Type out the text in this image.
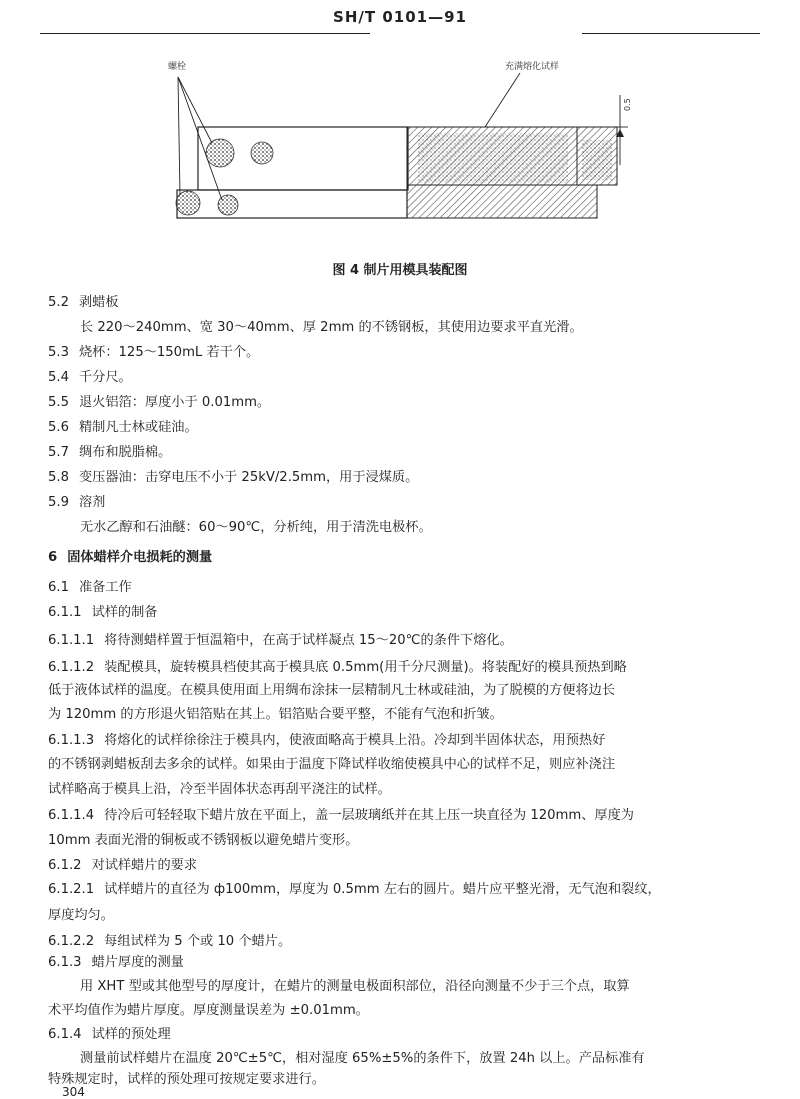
SH/T 0101—91
螺栓	充满熔化试样
0.5
图 4 制片用模具装配图
5.2 剥蜡板
长 220～240mm、宽 30～40mm、厚 2mm 的不锈钢板，其使用边要求平直光滑。
5.3 烧杯：125～150mL 若干个。
5.4 千分尺。
5.5 退火铝箔：厚度小于 0.01mm。
5.6 精制凡士林或硅油。
5.7 绸布和脱脂棉。
5.8 变压器油：击穿电压不小于 25kV/2.5mm，用于浸煤质。
5.9 溶剂
无水乙醇和石油醚：60～90℃，分析纯，用于清洗电极杯。
6 固体蜡样介电损耗的测量
6.1 准备工作
6.1.1 试样的制备
6.1.1.1 将待测蜡样置于恒温箱中，在高于试样凝点 15～20℃的条件下熔化。
6.1.1.2 装配模具，旋转模具档使其高于模具底 0.5mm(用千分尺测量)。将装配好的模具预热到略
低于液体试样的温度。在模具使用面上用绸布涂抹一层精制凡士林或硅油，为了脱模的方便将边长
为 120mm 的方形退火铝箔贴在其上。铝箔贴合要平整，不能有气泡和折皱。
6.1.1.3 将熔化的试样徐徐注于模具内，使液面略高于模具上沿。冷却到半固体状态，用预热好
的不锈钢剥蜡板刮去多余的试样。如果由于温度下降试样收缩使模具中心的试样不足，则应补浇注
试样略高于模具上沿，冷至半固体状态再刮平浇注的试样。
6.1.1.4 待冷后可轻轻取下蜡片放在平面上，盖一层玻璃纸并在其上压一块直径为 120mm、厚度为
10mm 表面光滑的铜板或不锈钢板以避免蜡片变形。
6.1.2 对试样蜡片的要求
6.1.2.1 试样蜡片的直径为 ф100mm，厚度为 0.5mm 左右的圆片。蜡片应平整光滑，无气泡和裂纹，
厚度均匀。
6.1.2.2 每组试样为 5 个或 10 个蜡片。
6.1.3 蜡片厚度的测量
用 XHT 型或其他型号的厚度计，在蜡片的测量电极面积部位，沿径向测量不少于三个点，取算
术平均值作为蜡片厚度。厚度测量误差为 ±0.01mm。
6.1.4 试样的预处理
测量前试样蜡片在温度 20℃±5℃，相对湿度 65%±5%的条件下，放置 24h 以上。产品标准有
特殊规定时，试样的预处理可按规定要求进行。
304
